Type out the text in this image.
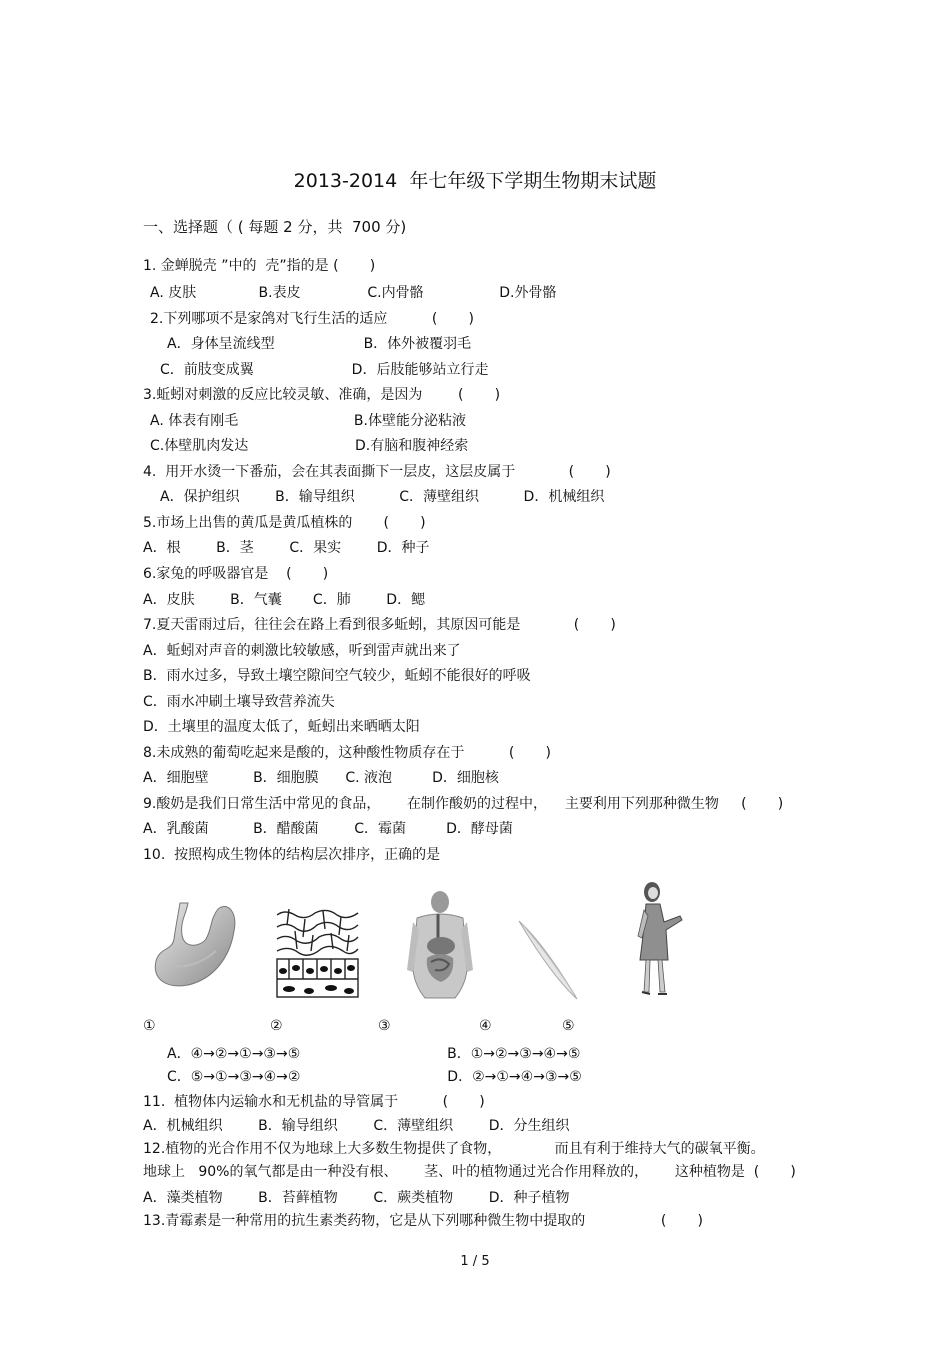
2013-2014  年七年级下学期生物期末试题
一、选择题（ ( 每题 2 分，共  700 分)
1. 金蝉脱壳 ”中的  壳”指的是 (       )
A. 皮肤              B.表皮               C.内骨骼                 D.外骨骼
2.下列哪项不是家鸽对飞行生活的适应          (       )
A．身体呈流线型                    B．体外被覆羽毛
C．前肢变成翼                      D．后肢能够站立行走
3.蚯蚓对刺激的反应比较灵敏、准确，是因为        (       )
A. 体表有刚毛                          B.体壁能分泌粘液
C.体壁肌肉发达                        D.有脑和腹神经索
4.  用开水烫一下番茄，会在其表面撕下一层皮，这层皮属于            (       )
A．保护组织        B．输导组织          C．薄壁组织          D．机械组织
5.市场上出售的黄瓜是黄瓜植株的       (       )
A．根        B．茎        C．果实        D．种子
6.家兔的呼吸器官是    (       )
A．皮肤        B．气囊       C．肺        D．鳃
7.夏天雷雨过后，往往会在路上看到很多蚯蚓，其原因可能是            (       )
A．蚯蚓对声音的刺激比较敏感，听到雷声就出来了
B．雨水过多，导致土壤空隙间空气较少，蚯蚓不能很好的呼吸
C．雨水冲刷土壤导致营养流失
D．土壤里的温度太低了，蚯蚓出来晒晒太阳
8.未成熟的葡萄吃起来是酸的，这种酸性物质存在于          (       )
A．细胞壁          B．细胞膜      C. 液泡         D．细胞核
9.酸奶是我们日常生活中常见的食品，      在制作酸奶的过程中，    主要利用下列那种微生物     (       )
A．乳酸菌          B．醋酸菌        C．霉菌         D．酵母菌
10.  按照构成生物体的结构层次排序，正确的是
①	②	③	④	⑤
A．④→②→①→③→⑤                                 B．①→②→③→④→⑤
C．⑤→①→③→④→②                                 D．②→①→④→③→⑤
11.  植物体内运输水和无机盐的导管属于          (       )
A．机械组织        B．输导组织        C．薄壁组织        D．分生组织
12.植物的光合作用不仅为地球上大多数生物提供了食物，            而且有利于维持大气的碳氧平衡。
地球上   90%的氧气都是由一种没有根、      茎、叶的植物通过光合作用释放的，      这种植物是  (       )
A．藻类植物        B．苔藓植物        C．蕨类植物        D．种子植物
13.青霉素是一种常用的抗生素类药物，它是从下列哪种微生物中提取的                 (       )
1 / 5
